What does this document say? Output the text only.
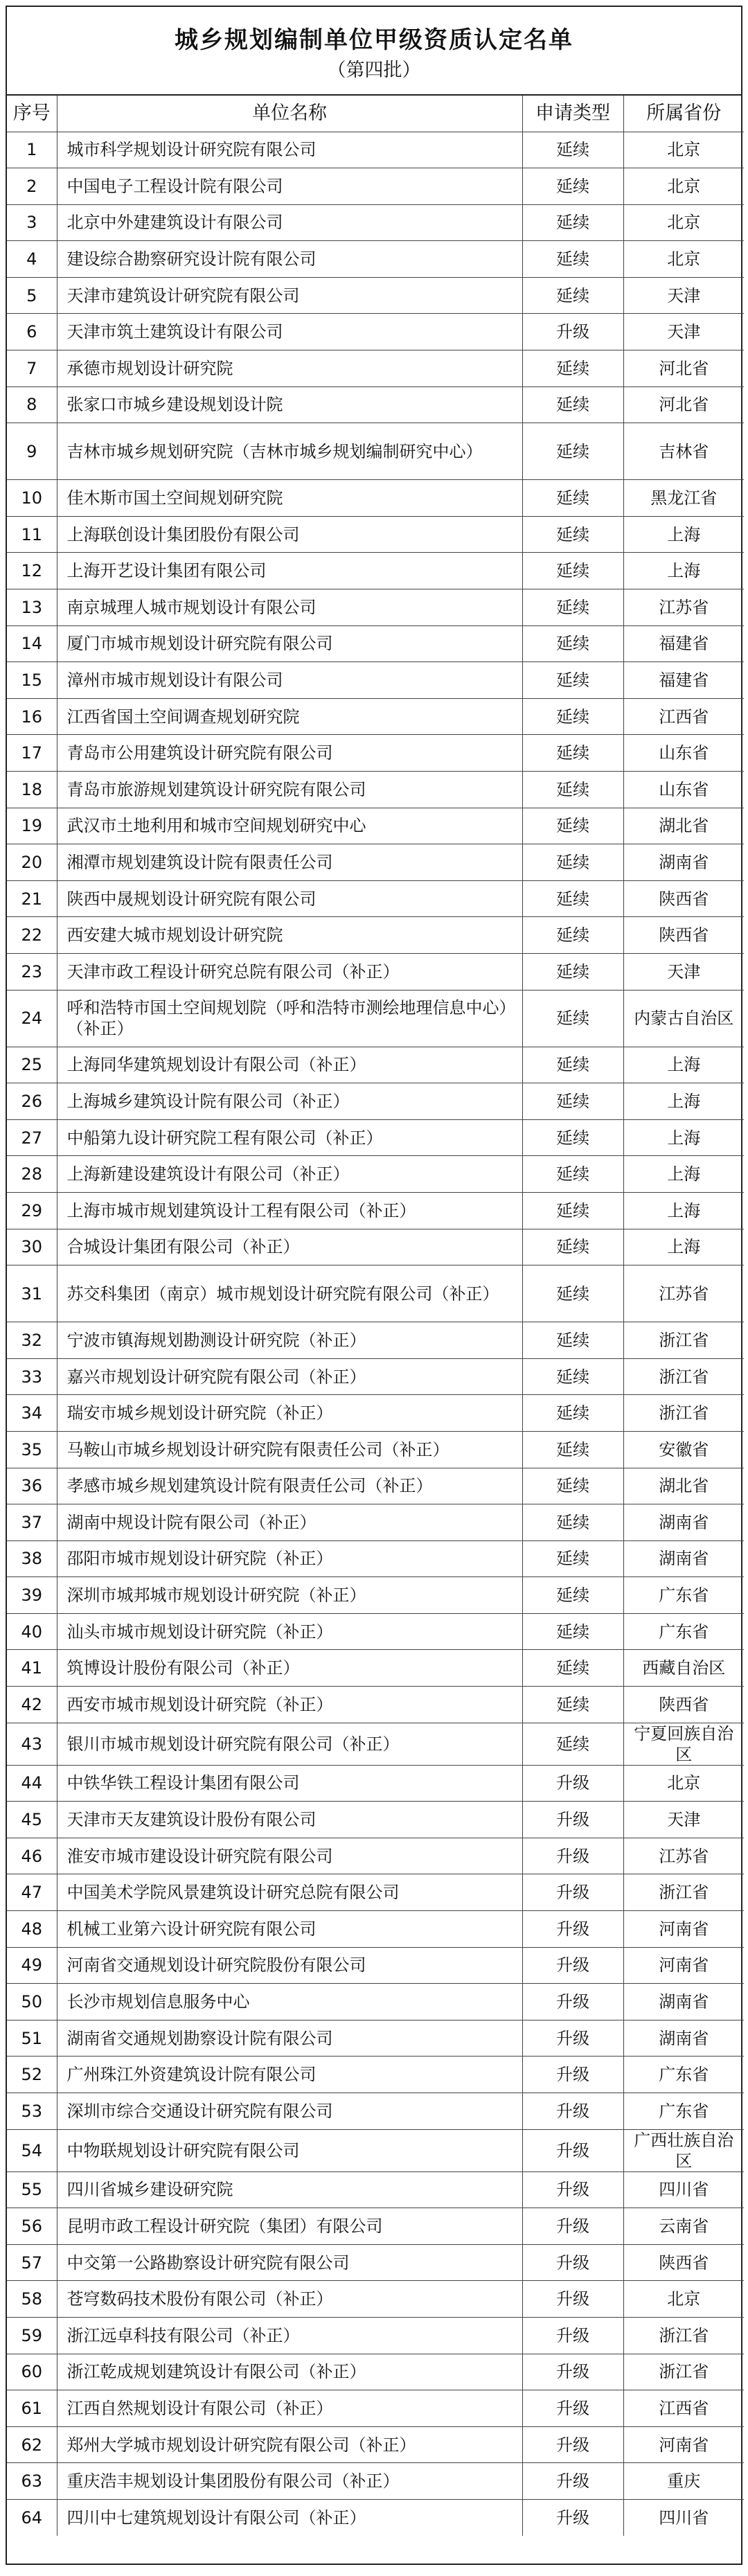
城乡规划编制单位甲级资质认定名单
（第四批）
序号	单位名称	申请类型	所属省份
1	城市科学规划设计研究院有限公司	延续	北京
2	中国电子工程设计院有限公司	延续	北京
3	北京中外建建筑设计有限公司	延续	北京
4	建设综合勘察研究设计院有限公司	延续	北京
5	天津市建筑设计研究院有限公司	延续	天津
6	天津市筑土建筑设计有限公司	升级	天津
7	承德市规划设计研究院	延续	河北省
8	张家口市城乡建设规划设计院	延续	河北省
9	吉林市城乡规划研究院（吉林市城乡规划编制研究中心）	延续	吉林省
10	佳木斯市国土空间规划研究院	延续	黑龙江省
11	上海联创设计集团股份有限公司	延续	上海
12	上海开艺设计集团有限公司	延续	上海
13	南京城理人城市规划设计有限公司	延续	江苏省
14	厦门市城市规划设计研究院有限公司	延续	福建省
15	漳州市城市规划设计有限公司	延续	福建省
16	江西省国土空间调查规划研究院	延续	江西省
17	青岛市公用建筑设计研究院有限公司	延续	山东省
18	青岛市旅游规划建筑设计研究院有限公司	延续	山东省
19	武汉市土地利用和城市空间规划研究中心	延续	湖北省
20	湘潭市规划建筑设计院有限责任公司	延续	湖南省
21	陕西中晟规划设计研究院有限公司	延续	陕西省
22	西安建大城市规划设计研究院	延续	陕西省
23	天津市政工程设计研究总院有限公司（补正）	延续	天津
24	呼和浩特市国土空间规划院（呼和浩特市测绘地理信息中心）（补正）	延续	内蒙古自治区
25	上海同华建筑规划设计有限公司（补正）	延续	上海
26	上海城乡建筑设计院有限公司（补正）	延续	上海
27	中船第九设计研究院工程有限公司（补正）	延续	上海
28	上海新建设建筑设计有限公司（补正）	延续	上海
29	上海市城市规划建筑设计工程有限公司（补正）	延续	上海
30	合城设计集团有限公司（补正）	延续	上海
31	苏交科集团（南京）城市规划设计研究院有限公司（补正）	延续	江苏省
32	宁波市镇海规划勘测设计研究院（补正）	延续	浙江省
33	嘉兴市规划设计研究院有限公司（补正）	延续	浙江省
34	瑞安市城乡规划设计研究院（补正）	延续	浙江省
35	马鞍山市城乡规划设计研究院有限责任公司（补正）	延续	安徽省
36	孝感市城乡规划建筑设计院有限责任公司（补正）	延续	湖北省
37	湖南中规设计院有限公司（补正）	延续	湖南省
38	邵阳市城市规划设计研究院（补正）	延续	湖南省
39	深圳市城邦城市规划设计研究院（补正）	延续	广东省
40	汕头市城市规划设计研究院（补正）	延续	广东省
41	筑博设计股份有限公司（补正）	延续	西藏自治区
42	西安市城市规划设计研究院（补正）	延续	陕西省
43	银川市城市规划设计研究院有限公司（补正）	延续	宁夏回族自治区
44	中铁华铁工程设计集团有限公司	升级	北京
45	天津市天友建筑设计股份有限公司	升级	天津
46	淮安市城市建设设计研究院有限公司	升级	江苏省
47	中国美术学院风景建筑设计研究总院有限公司	升级	浙江省
48	机械工业第六设计研究院有限公司	升级	河南省
49	河南省交通规划设计研究院股份有限公司	升级	河南省
50	长沙市规划信息服务中心	升级	湖南省
51	湖南省交通规划勘察设计院有限公司	升级	湖南省
52	广州珠江外资建筑设计院有限公司	升级	广东省
53	深圳市综合交通设计研究院有限公司	升级	广东省
54	中物联规划设计研究院有限公司	升级	广西壮族自治区
55	四川省城乡建设研究院	升级	四川省
56	昆明市政工程设计研究院（集团）有限公司	升级	云南省
57	中交第一公路勘察设计研究院有限公司	升级	陕西省
58	苍穹数码技术股份有限公司（补正）	升级	北京
59	浙江远卓科技有限公司（补正）	升级	浙江省
60	浙江乾成规划建筑设计有限公司（补正）	升级	浙江省
61	江西自然规划设计有限公司（补正）	升级	江西省
62	郑州大学城市规划设计研究院有限公司（补正）	升级	河南省
63	重庆浩丰规划设计集团股份有限公司（补正）	升级	重庆
64	四川中七建筑规划设计有限公司（补正）	升级	四川省
